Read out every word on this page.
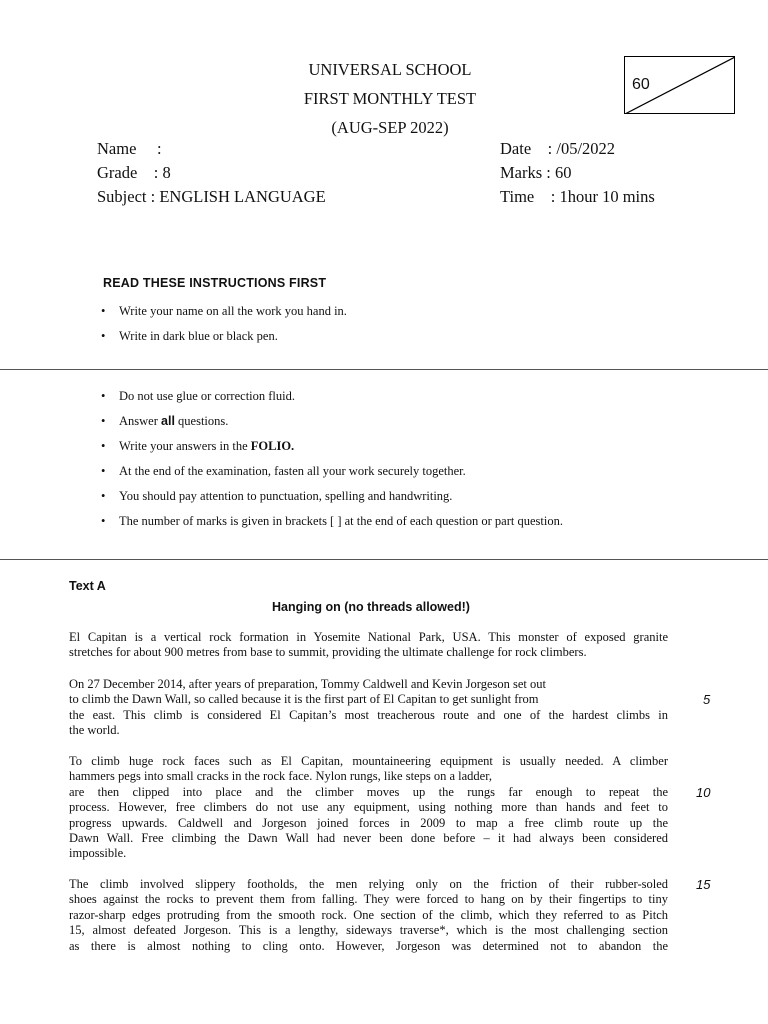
UNIVERSAL SCHOOL
FIRST MONTHLY TEST
(AUG-SEP 2022)
60
Name     :	Date    : /05/2022
Grade    : 8	Marks : 60
Subject : ENGLISH LANGUAGE	Time    : 1hour 10 mins
READ THESE INSTRUCTIONS FIRST
• Write your name on all the work you hand in.
• Write in dark blue or black pen.
• Do not use glue or correction fluid.
• Answer all questions.
• Write your answers in the FOLIO.
• At the end of the examination, fasten all your work securely together.
• You should pay attention to punctuation, spelling and handwriting.
• The number of marks is given in brackets [ ] at the end of each question or part question.
Text A
Hanging on (no threads allowed!)
El Capitan is a vertical rock formation in Yosemite National Park, USA. This monster of exposed granite
stretches for about 900 metres from base to summit, providing the ultimate challenge for rock climbers.
On 27 December 2014, after years of preparation, Tommy Caldwell and Kevin Jorgeson set out
to climb the Dawn Wall, so called because it is the first part of El Capitan to get sunlight from
the east. This climb is considered El Capitan’s most treacherous route and one of the hardest climbs in
the world.
To climb huge rock faces such as El Capitan, mountaineering equipment is usually needed. A climber
hammers pegs into small cracks in the rock face. Nylon rungs, like steps on a ladder,
are then clipped into place and the climber moves up the rungs far enough to repeat the
process. However, free climbers do not use any equipment, using nothing more than hands and feet to
progress upwards. Caldwell and Jorgeson joined forces in 2009 to map a free climb route up the
Dawn Wall. Free climbing the Dawn Wall had never been done before – it had always been considered
impossible.
The climb involved slippery footholds, the men relying only on the friction of their rubber-soled
shoes against the rocks to prevent them from falling. They were forced to hang on by their fingertips to tiny
razor-sharp edges protruding from the smooth rock. One section of the climb, which they referred to as Pitch
15, almost defeated Jorgeson. This is a lengthy, sideways traverse*, which is the most challenging section
as there is almost nothing to cling onto. However, Jorgeson was determined not to abandon the
5
10
15
